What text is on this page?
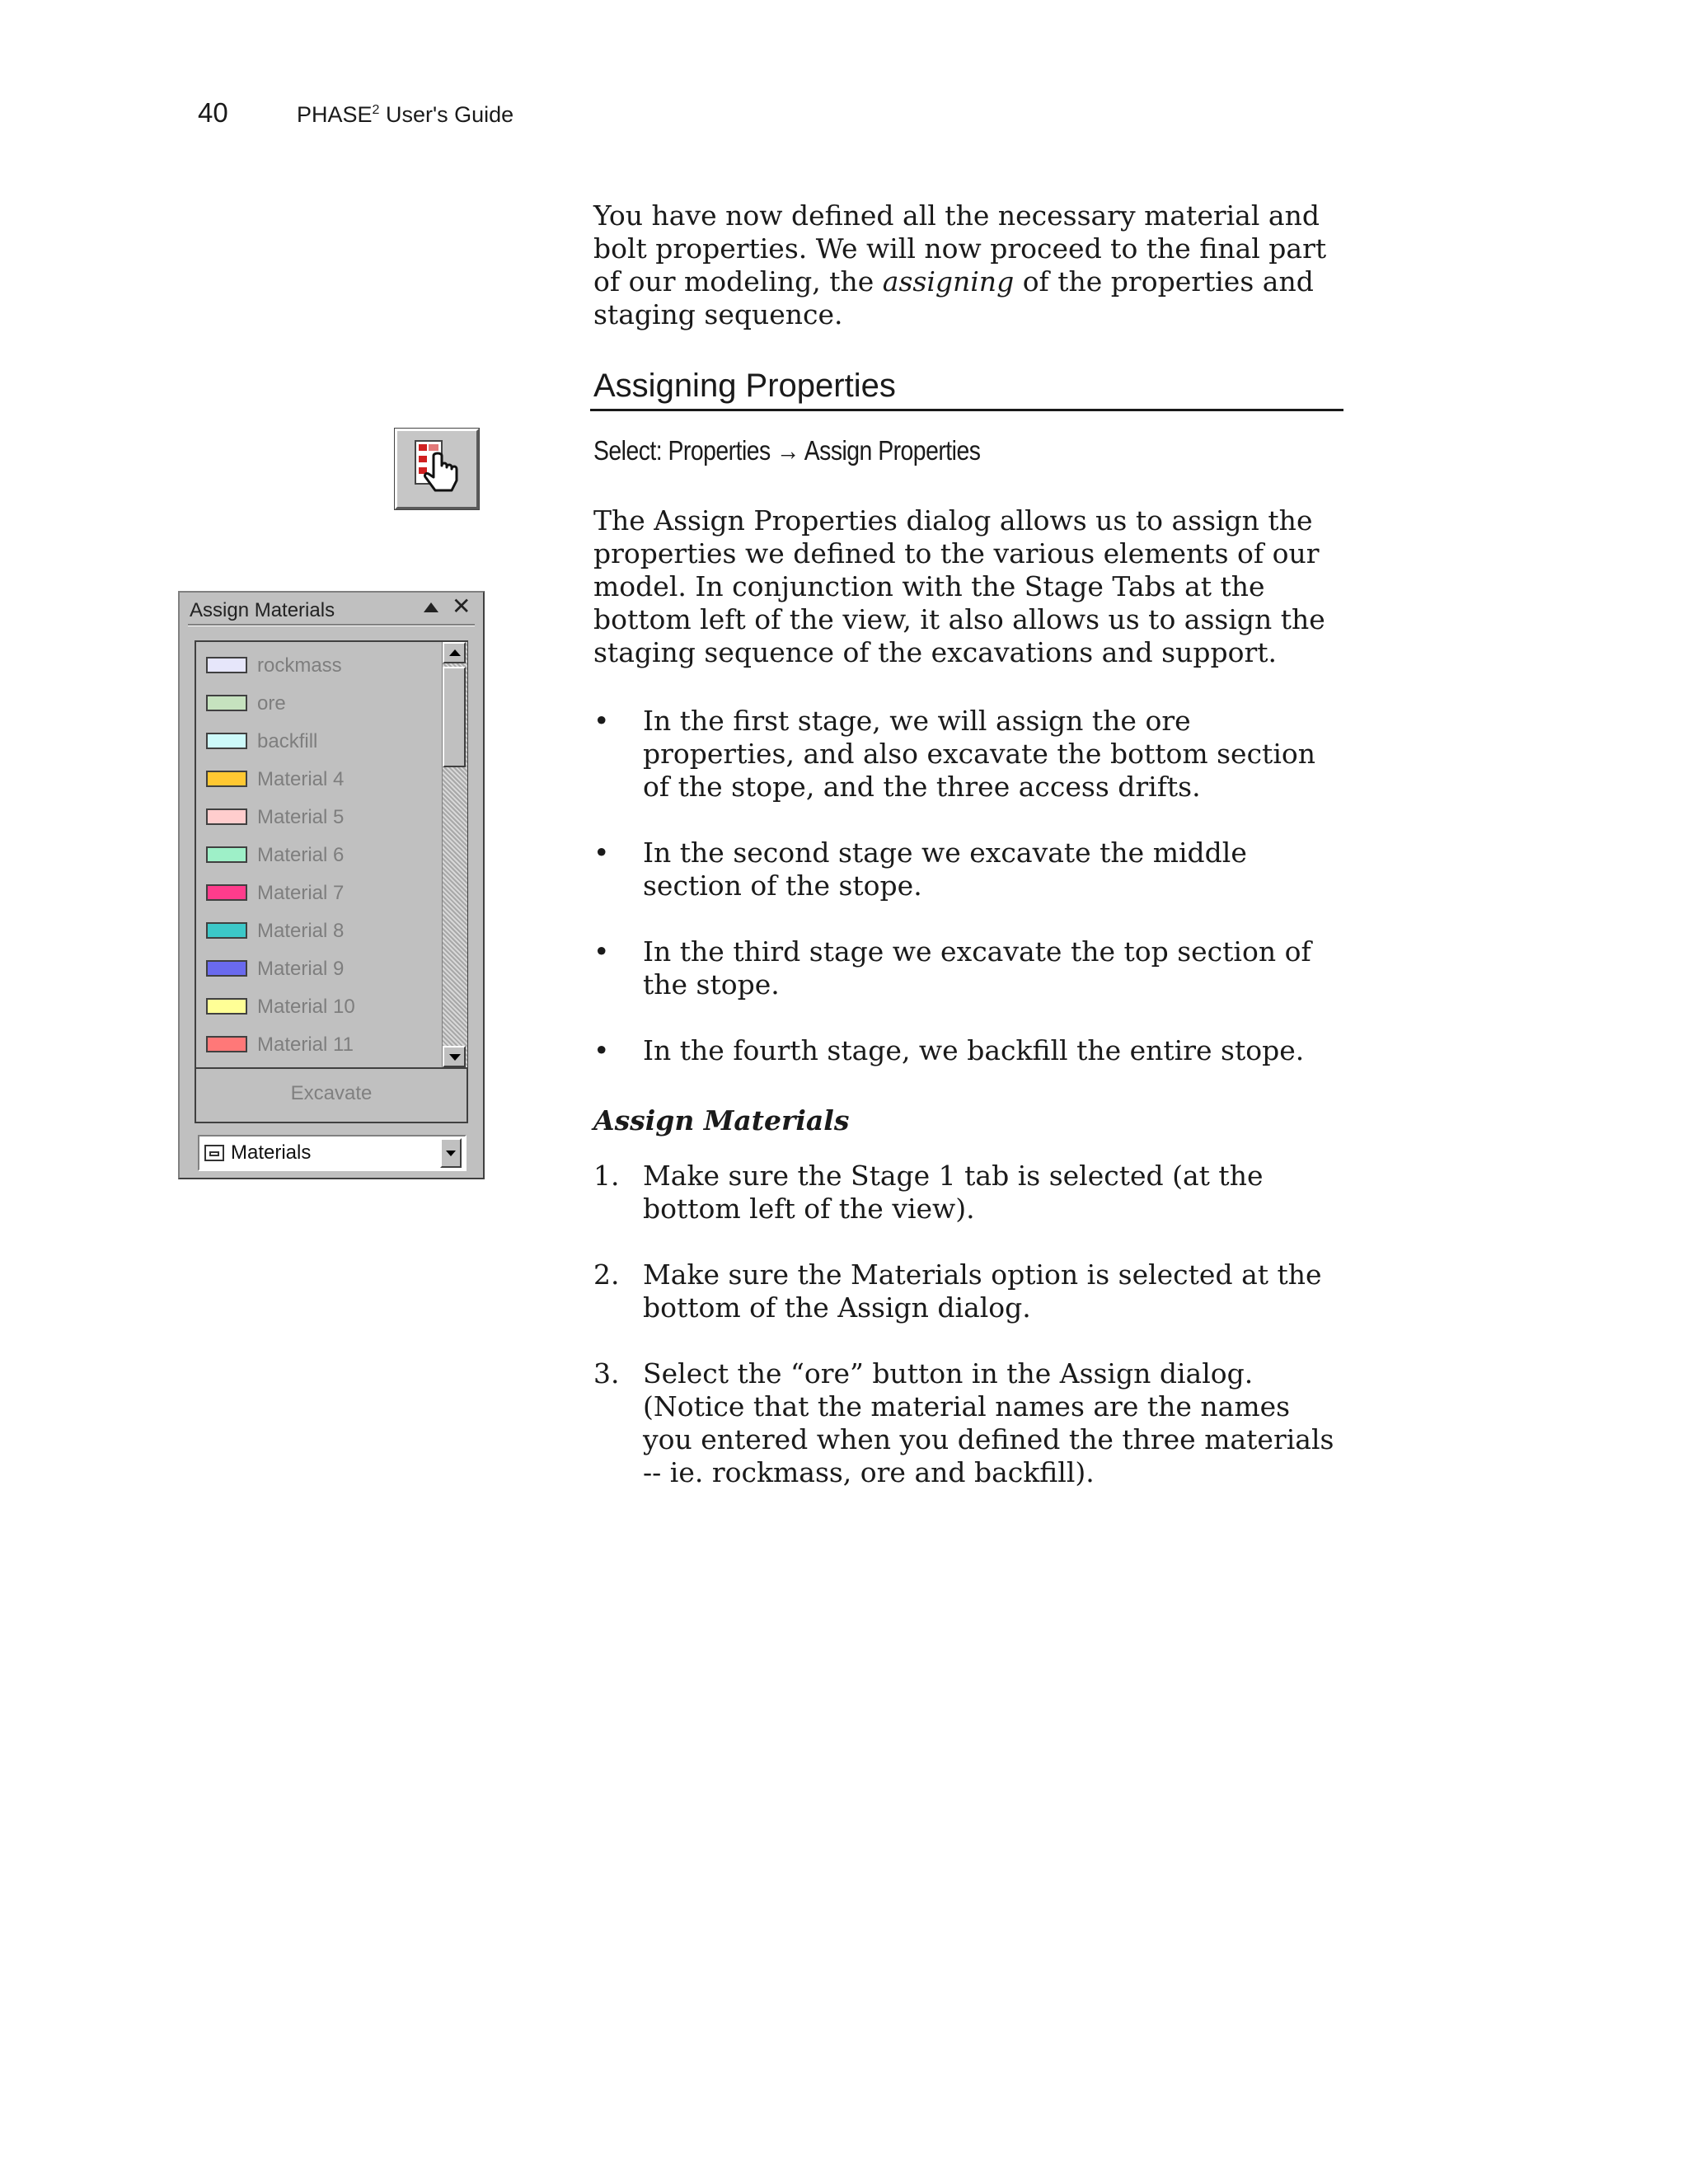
40	PHASE$^2$ User's Guide

You have now defined all the necessary material and bolt properties. We will now proceed to the final part of our modeling, the assigning of the properties and staging sequence.

Assigning Properties
Select: Properties → Assign Properties

The Assign Properties dialog allows us to assign the properties we defined to the various elements of our model. In conjunction with the Stage Tabs at the bottom left of the view, it also allows us to assign the staging sequence of the excavations and support.

•	In the first stage, we will assign the ore properties, and also excavate the bottom section of the stope, and the three access drifts.
•	In the second stage we excavate the middle section of the stope.
•	In the third stage we excavate the top section of the stope.
•	In the fourth stage, we backfill the entire stope.
Assign Materials
1. Make sure the Stage 1 tab is selected (at the bottom left of the view).
2. Make sure the Materials option is selected at the bottom of the Assign dialog.
3. Select the “ore” button in the Assign dialog. (Notice that the material names are the names you entered when you defined the three materials -- ie. rockmass, ore and backfill).
Assign Materials	✕
rockmass
ore
backfill
Material 4
Material 5
Material 6
Material 7
Material 8
Material 9
Material 10
Material 11
Excavate
Materials
